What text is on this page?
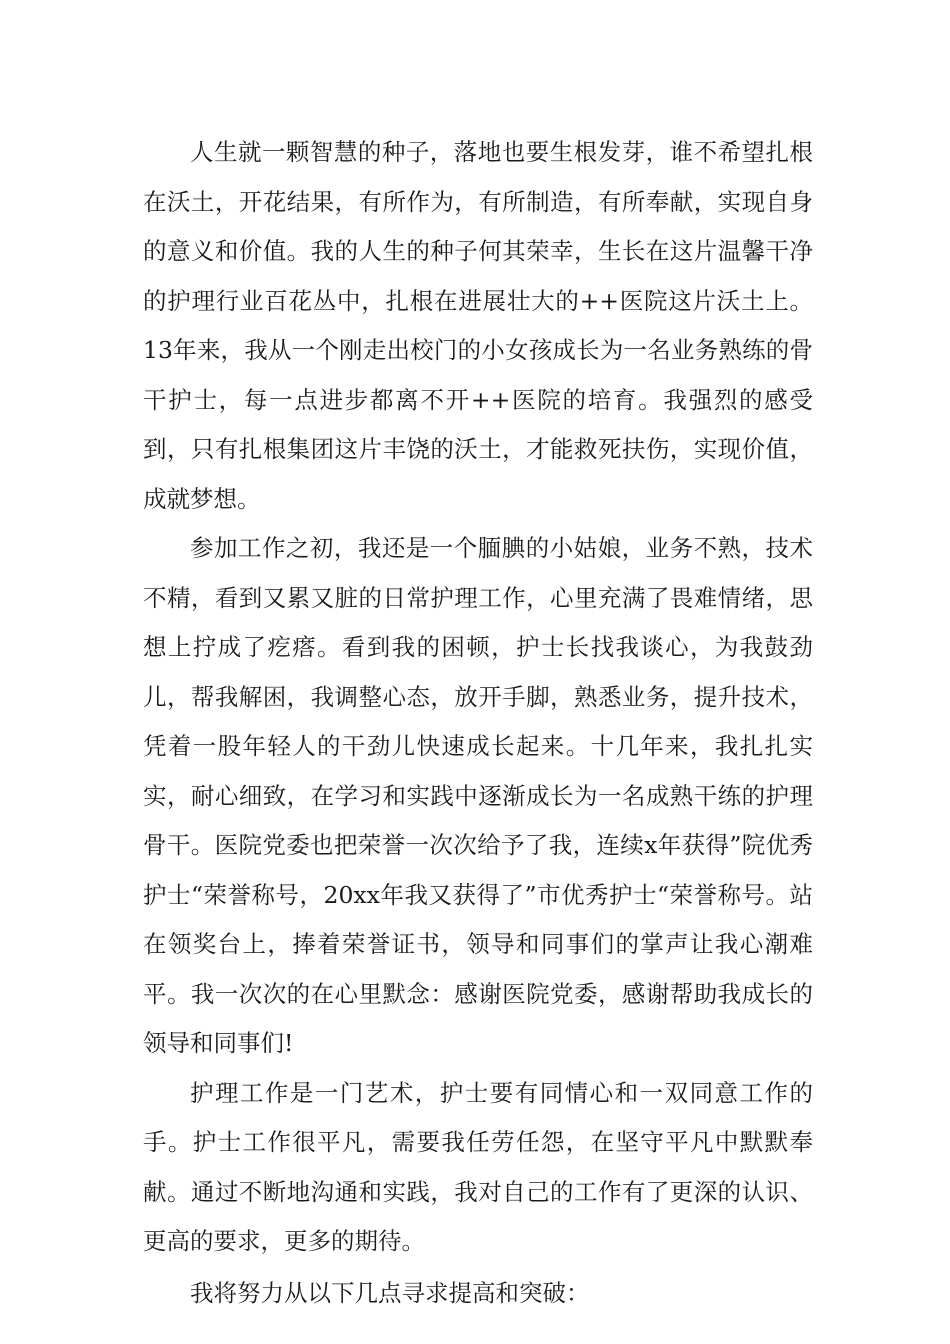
人生就一颗智慧的种子，落地也要生根发芽，谁不希望扎根在沃土，开花结果，有所作为，有所制造，有所奉献，实现自身的意义和价值。我的人生的种子何其荣幸，生长在这片温馨干净的护理行业百花丛中，扎根在进展壮大的++医院这片沃土上。13年来，我从一个刚走出校门的小女孩成长为一名业务熟练的骨干护士，每一点进步都离不开++医院的培育。我强烈的感受到，只有扎根集团这片丰饶的沃土，才能救死扶伤，实现价值，成就梦想。

参加工作之初，我还是一个腼腆的小姑娘，业务不熟，技术不精，看到又累又脏的日常护理工作，心里充满了畏难情绪，思想上拧成了疙瘩。看到我的困顿，护士长找我谈心，为我鼓劲儿，帮我解困，我调整心态，放开手脚，熟悉业务，提升技术，凭着一股年轻人的干劲儿快速成长起来。十几年来，我扎扎实实，耐心细致，在学习和实践中逐渐成长为一名成熟干练的护理骨干。医院党委也把荣誉一次次给予了我，连续x年获得”院优秀护士“荣誉称号，20xx年我又获得了”市优秀护士“荣誉称号。站在领奖台上，捧着荣誉证书，领导和同事们的掌声让我心潮难平。我一次次的在心里默念：感谢医院党委，感谢帮助我成长的领导和同事们!

护理工作是一门艺术，护士要有同情心和一双同意工作的手。护士工作很平凡，需要我任劳任怨，在坚守平凡中默默奉献。通过不断地沟通和实践，我对自己的工作有了更深的认识、更高的要求，更多的期待。

我将努力从以下几点寻求提高和突破：
